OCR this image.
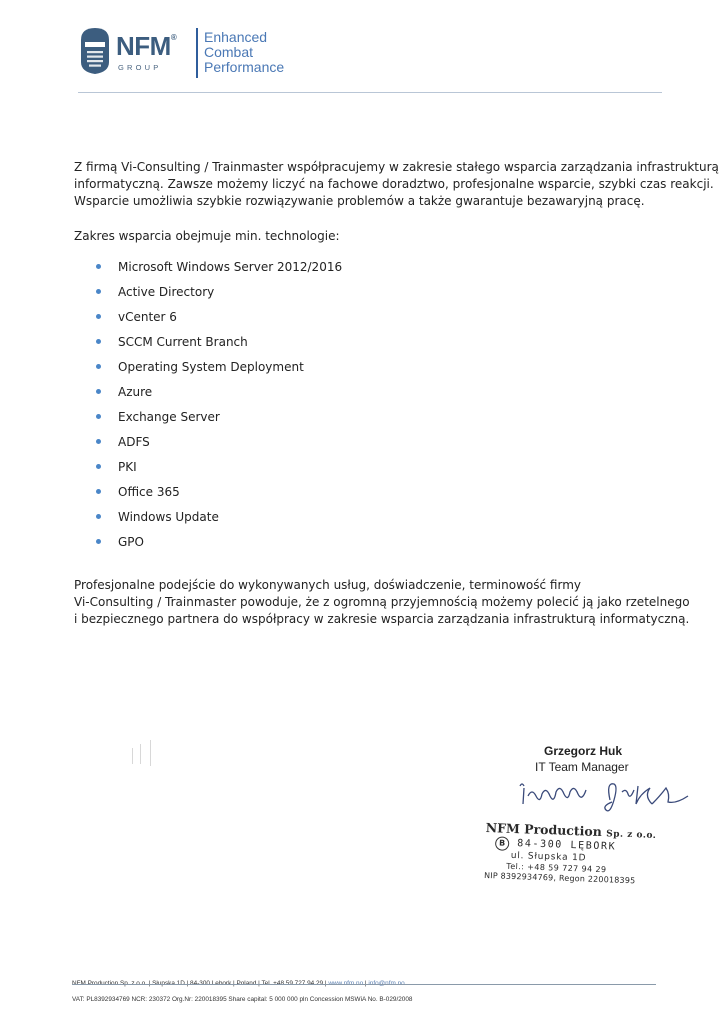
NFM®
GROUP
Enhanced
Combat
Performance
Z firmą Vi-Consulting / Trainmaster współpracujemy w zakresie stałego wsparcia zarządzania infrastrukturą
informatyczną. Zawsze możemy liczyć na fachowe doradztwo, profesjonalne wsparcie, szybki czas reakcji.
Wsparcie umożliwia szybkie rozwiązywanie problemów a także gwarantuje bezawaryjną pracę.
Zakres wsparcia obejmuje min. technologie:
Microsoft Windows Server 2012/2016
Active Directory
vCenter 6
SCCM Current Branch
Operating System Deployment
Azure
Exchange Server
ADFS
PKI
Office 365
Windows Update
GPO
Profesjonalne podejście do wykonywanych usług, doświadczenie, terminowość firmy
Vi-Consulting / Trainmaster powoduje, że z ogromną przyjemnością możemy polecić ją jako rzetelnego
i bezpiecznego partnera do współpracy w zakresie wsparcia zarządzania infrastrukturą informatyczną.
Grzegorz Huk
IT Team Manager
NFM Production Sp. z o.o.
B 84-300 LĘBORK
ul. Słupska 1D
Tel.: +48 59 727 94 29
NIP 8392934769, Regon 220018395
VAT: PL8392934769 NCR: 230372 Org.Nr: 220018395 Share capital: 5 000 000 pln Concession MSWiA No. B-029/2008
